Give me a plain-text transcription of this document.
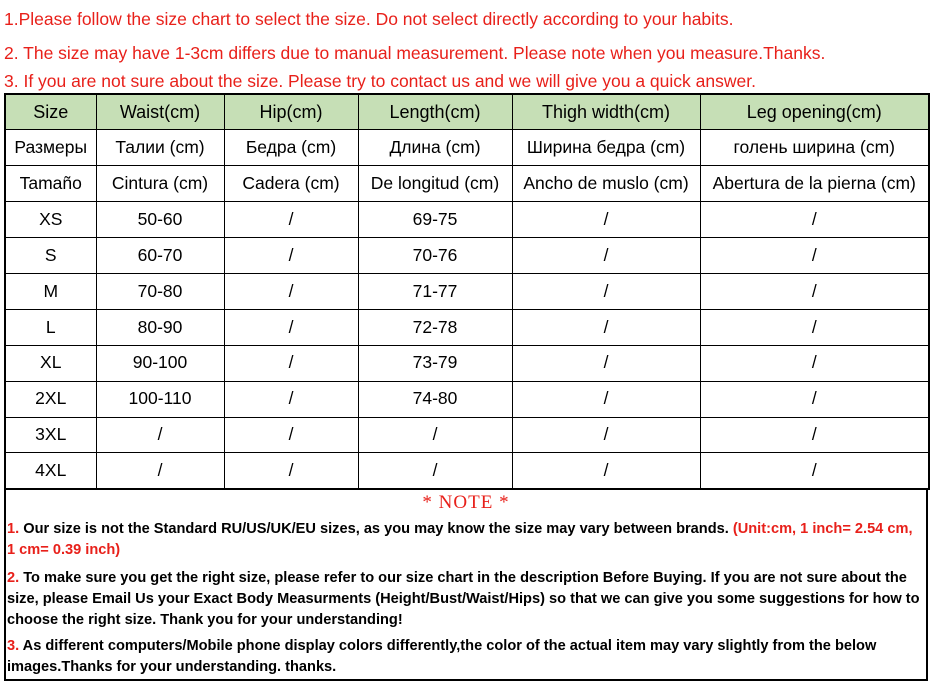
1.Please follow the size chart to select the size. Do not select directly according to your habits.
2. The size may have 1-3cm differs due to manual measurement. Please note when you measure.Thanks.
3. If you are not sure about the size. Please try to contact us and we will give you a quick answer.
Size	Waist(cm)	Hip(cm)	Length(cm)	Thigh width(cm)	Leg opening(cm)
Размеры	Талии (cm)	Бедра (cm)	Длина (cm)	Ширина бедра (cm)	голень ширина (cm)
Tamaño	Cintura (cm)	Cadera (cm)	De longitud (cm)	Ancho de muslo (cm)	Abertura de la pierna (cm)
XS	50-60	/	69-75	/	/
S	60-70	/	70-76	/	/
M	70-80	/	71-77	/	/
L	80-90	/	72-78	/	/
XL	90-100	/	73-79	/	/
2XL	100-110	/	74-80	/	/
3XL	/	/	/	/	/
4XL	/	/	/	/	/
* NOTE *
1. Our size is not the Standard RU/US/UK/EU sizes, as you may know the size may vary between brands. (Unit:cm, 1 inch= 2.54 cm, 1 cm= 0.39 inch)
2. To make sure you get the right size, please refer to our size chart in the description Before Buying. If you are not sure about the size, please Email Us your Exact Body Measurments (Height/Bust/Waist/Hips) so that we can give you some suggestions for how to choose the right size. Thank you for your understanding!
3. As different computers/Mobile phone display colors differently,the color of the actual item may vary slightly from the below images.Thanks for your understanding. thanks.
